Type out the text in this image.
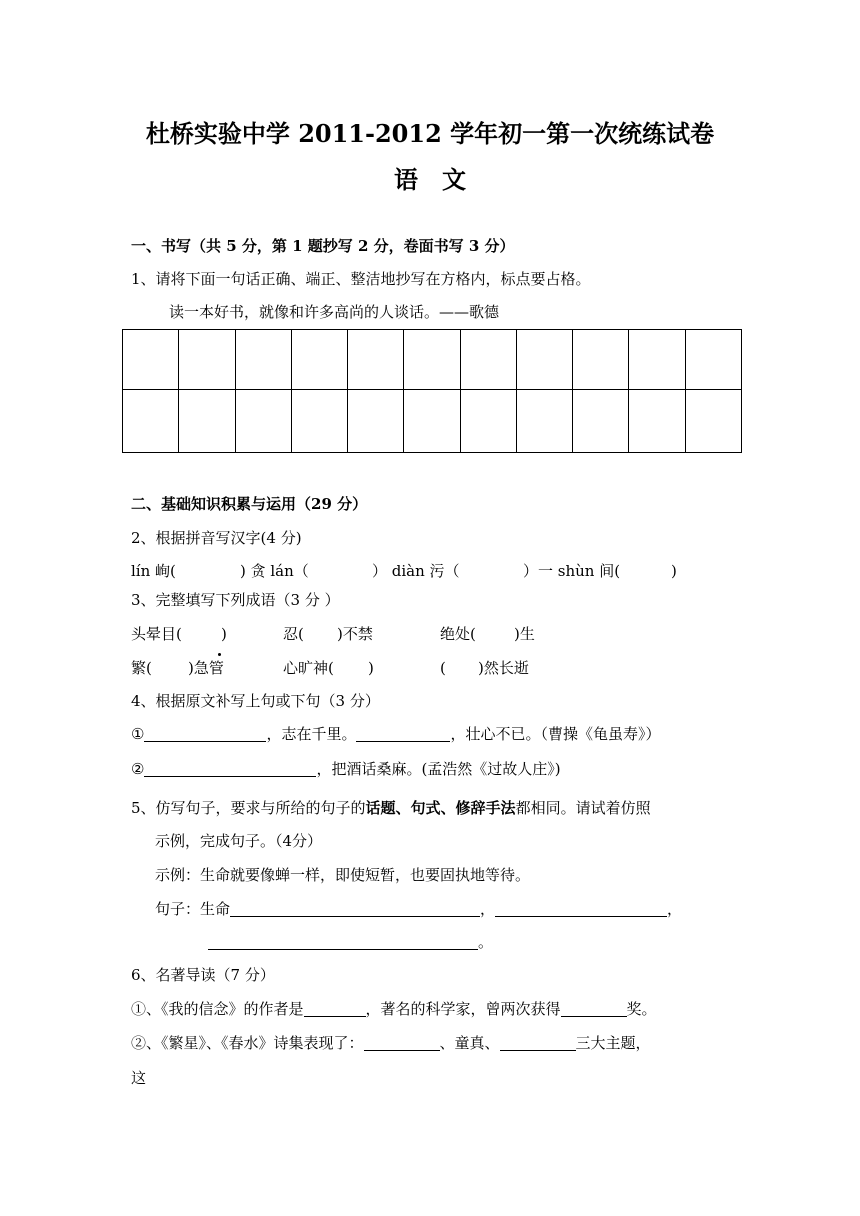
杜桥实验中学 2011-2012 学年初一第一次统练试卷
语　文
一、书写（共 5 分，第 1 题抄写 2 分，卷面书写 3 分）
1、请将下面一句话正确、端正、整洁地抄写在方格内，标点要占格。
读一本好书，就像和许多高尚的人谈话。——歌德

二、基础知识积累与运用（29 分）
2、根据拼音写汉字(4 分)
lín 峋(	) 贪 lán（	） diàn 污（	）一 shùn 间(	)
3、完整填写下列成语（3 分 ）
头晕目(	)	忍( )不禁	绝处(	)生
繁( )急管	心旷神( )	( )然长逝
4、根据原文补写上句或下句（3 分）
①	，志在千里。	，壮心不已。（曹操《龟虽寿》）
②	，把酒话桑麻。(孟浩然《过故人庄》)
5、仿写句子，要求与所给的句子的话题、句式、修辞手法都相同。请试着仿照
示例，完成句子。（4分）
示例：生命就要像蝉一样，即使短暂，也要固执地等待。
句子：生命	，	，
。
6、名著导读（7 分）
①、《我的信念》的作者是	，著名的科学家，曾两次获得	奖。
②、《繁星》、《春水》诗集表现了：	、童真、	三大主题，
这
